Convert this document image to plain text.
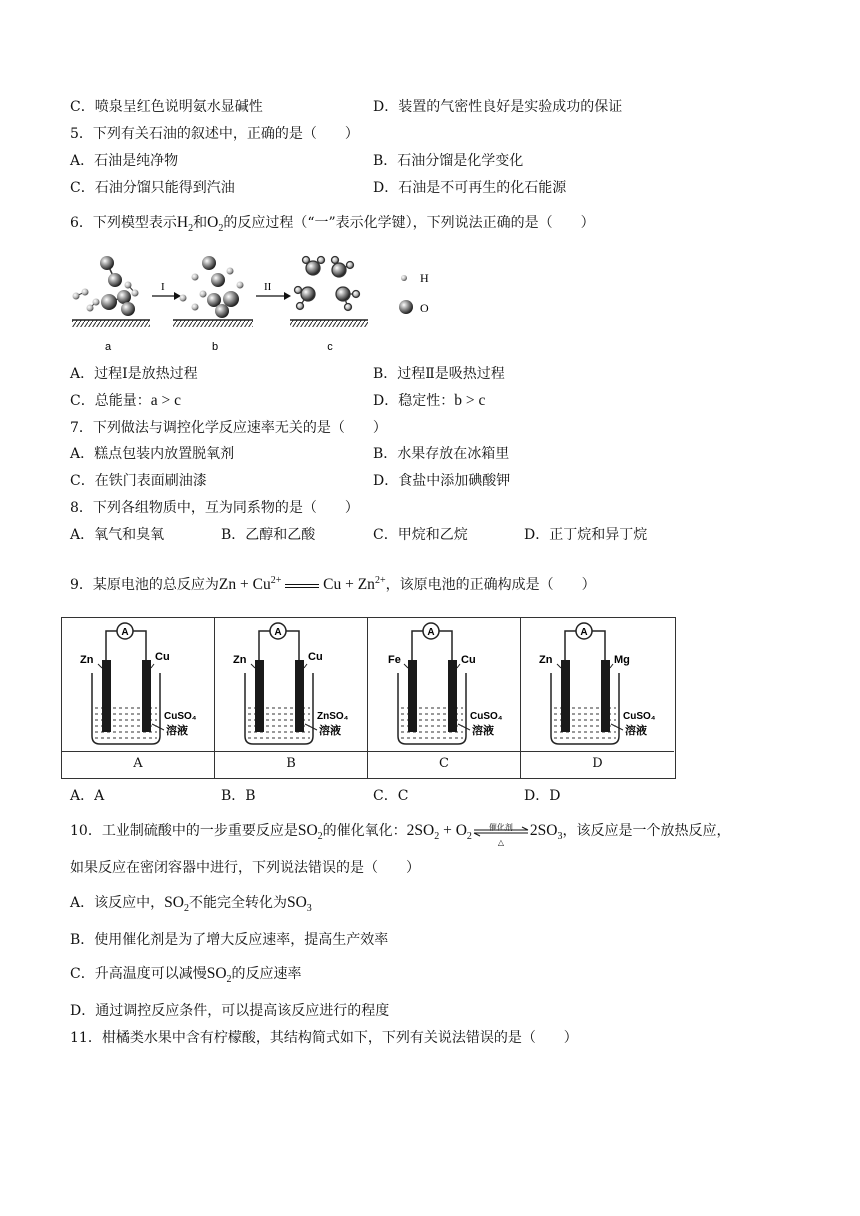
C．喷泉呈红色说明氨水显碱性	D．装置的气密性良好是实验成功的保证
5．下列有关石油的叙述中，正确的是（　　）
A．石油是纯净物	B．石油分馏是化学变化
C．石油分馏只能得到汽油	D．石油是不可再生的化石能源
6．下列模型表示$H_2$和$O_2$的反应过程（“一”表示化学键），下列说法正确的是（　　）
a
I
b
II
c
H
O
A．过程Ⅰ是放热过程	B．过程Ⅱ是吸热过程
C．总能量：a > c	D．稳定性：b > c
7．下列做法与调控化学反应速率无关的是（　　）
A．糕点包装内放置脱氧剂	B．水果存放在冰箱里
C．在铁门表面刷油漆	D．食盐中添加碘酸钾
8．下列各组物质中，互为同系物的是（　　）
A．氧气和臭氧	B．乙醇和乙酸	C．甲烷和乙烷	D．正丁烷和异丁烷
9．某原电池的总反应为$Zn + Cu^{2+}$	$Cu + Zn^{2+}$，该原电池的正确构成是（　　）
A
Zn	Cu
CuSO₄
溶液
A
A
Zn	Cu
ZnSO₄
溶液
B
A
Fe	Cu
CuSO₄
溶液
C
A
Zn	Mg
CuSO₄
溶液
D
A．A	B．B	C．C	D．D
10．工业制硫酸中的一步重要反应是$SO_2$的催化氧化：$2SO_2 + O_2$
催化剂
△
$2SO_3$，该反应是一个放热反应，
如果反应在密闭容器中进行，下列说法错误的是（　　）
A．该反应中，$SO_2$不能完全转化为$SO_3$
B．使用催化剂是为了增大反应速率，提高生产效率
C．升高温度可以减慢$SO_2$的反应速率
D．通过调控反应条件，可以提高该反应进行的程度
11．柑橘类水果中含有柠檬酸，其结构简式如下，下列有关说法错误的是（　　）
